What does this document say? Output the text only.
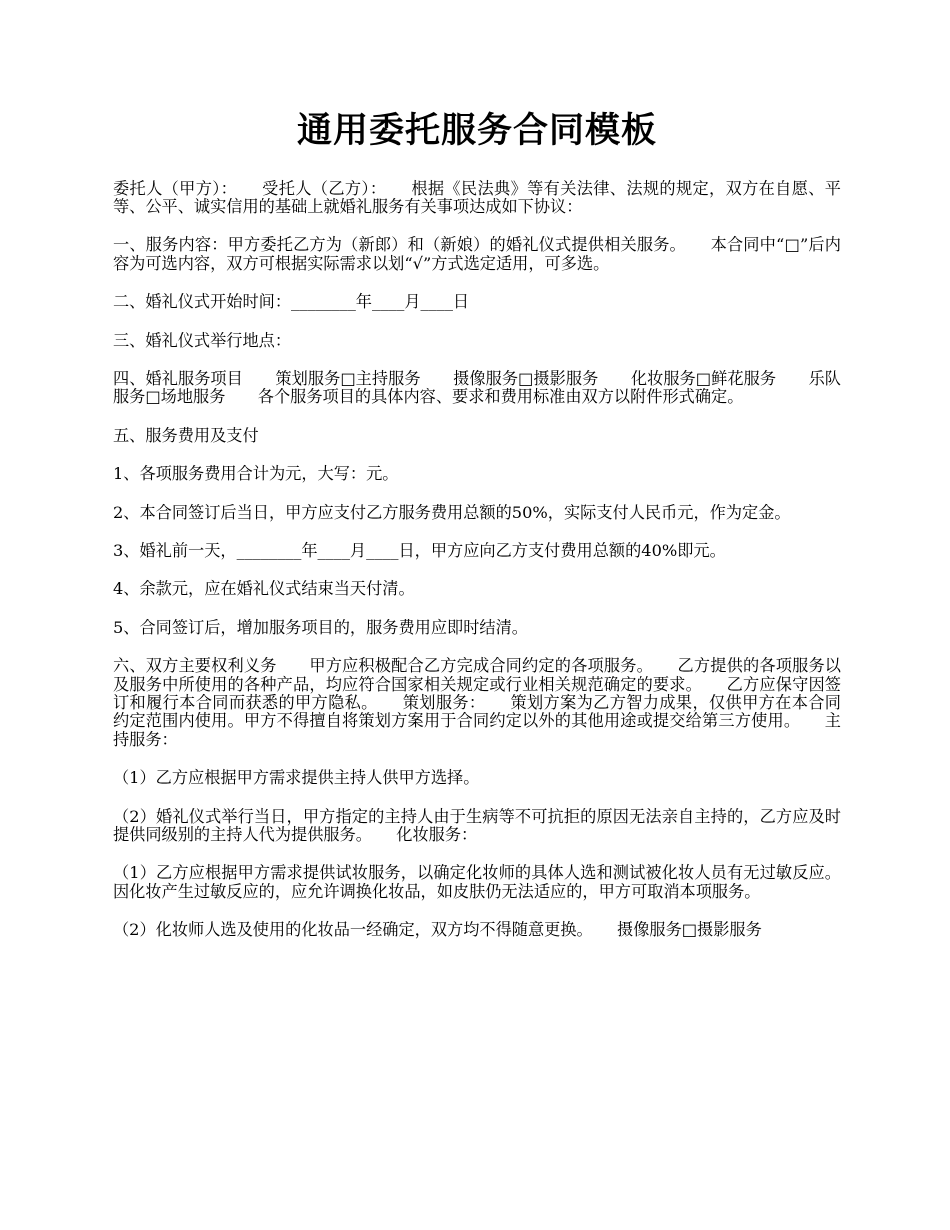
通用委托服务合同模板

委托人（甲方）：　　受托人（乙方）：　　根据《民法典》等有关法律、法规的规定，双方在自愿、平等、公平、诚实信用的基础上就婚礼服务有关事项达成如下协议：

一、服务内容：甲方委托乙方为（新郎）和（新娘）的婚礼仪式提供相关服务。　　本合同中“□”后内容为可选内容，双方可根据实际需求以划“√”方式选定适用，可多选。

二、婚礼仪式开始时间：________年____月____日

三、婚礼仪式举行地点：

四、婚礼服务项目　　策划服务□主持服务　　摄像服务□摄影服务　　化妆服务□鲜花服务　　乐队服务□场地服务　　各个服务项目的具体内容、要求和费用标准由双方以附件形式确定。

五、服务费用及支付

1、各项服务费用合计为元，大写：元。

2、本合同签订后当日，甲方应支付乙方服务费用总额的50%，实际支付人民币元，作为定金。

3、婚礼前一天，________年____月____日，甲方应向乙方支付费用总额的40%即元。

4、余款元，应在婚礼仪式结束当天付清。

5、合同签订后，增加服务项目的，服务费用应即时结清。

六、双方主要权利义务　　甲方应积极配合乙方完成合同约定的各项服务。　　乙方提供的各项服务以及服务中所使用的各种产品，均应符合国家相关规定或行业相关规范确定的要求。　　乙方应保守因签订和履行本合同而获悉的甲方隐私。　　策划服务：　　策划方案为乙方智力成果，仅供甲方在本合同约定范围内使用。甲方不得擅自将策划方案用于合同约定以外的其他用途或提交给第三方使用。　　主持服务：

（1）乙方应根据甲方需求提供主持人供甲方选择。

（2）婚礼仪式举行当日，甲方指定的主持人由于生病等不可抗拒的原因无法亲自主持的，乙方应及时提供同级别的主持人代为提供服务。　　化妆服务：

（1）乙方应根据甲方需求提供试妆服务，以确定化妆师的具体人选和测试被化妆人员有无过敏反应。因化妆产生过敏反应的，应允许调换化妆品，如皮肤仍无法适应的，甲方可取消本项服务。

（2）化妆师人选及使用的化妆品一经确定，双方均不得随意更换。　　摄像服务□摄影服务
